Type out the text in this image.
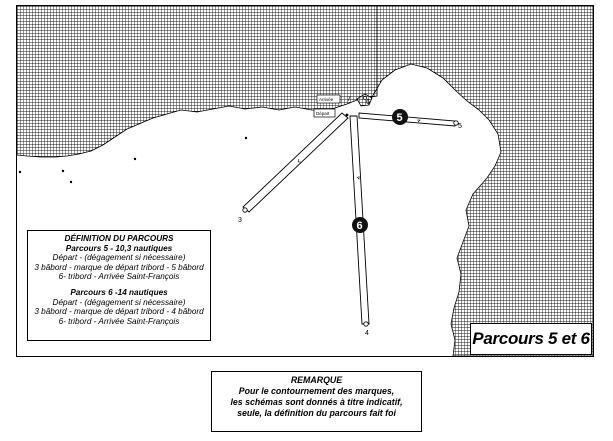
Arrivée
Départ
3
4
5
6
7
5
6
DÉFINITION DU PARCOURS
Parcours 5 - 10,3 nautiques
Départ - (dégagement si nécessaire)
3 bâbord - marque de départ tribord - 5 bâbord
6- tribord - Arrivée Saint-François
Parcours 6 -14 nautiques
Départ - (dégagement si nécessaire)
3 bâbord - marque de départ tribord - 4 bâbord
6- tribord - Arrivée Saint-François
Parcours 5 et 6
REMARQUE
Pour le contournement des marques,
les schémas sont donnés à titre indicatif,
seule, la définition du parcours fait foi
